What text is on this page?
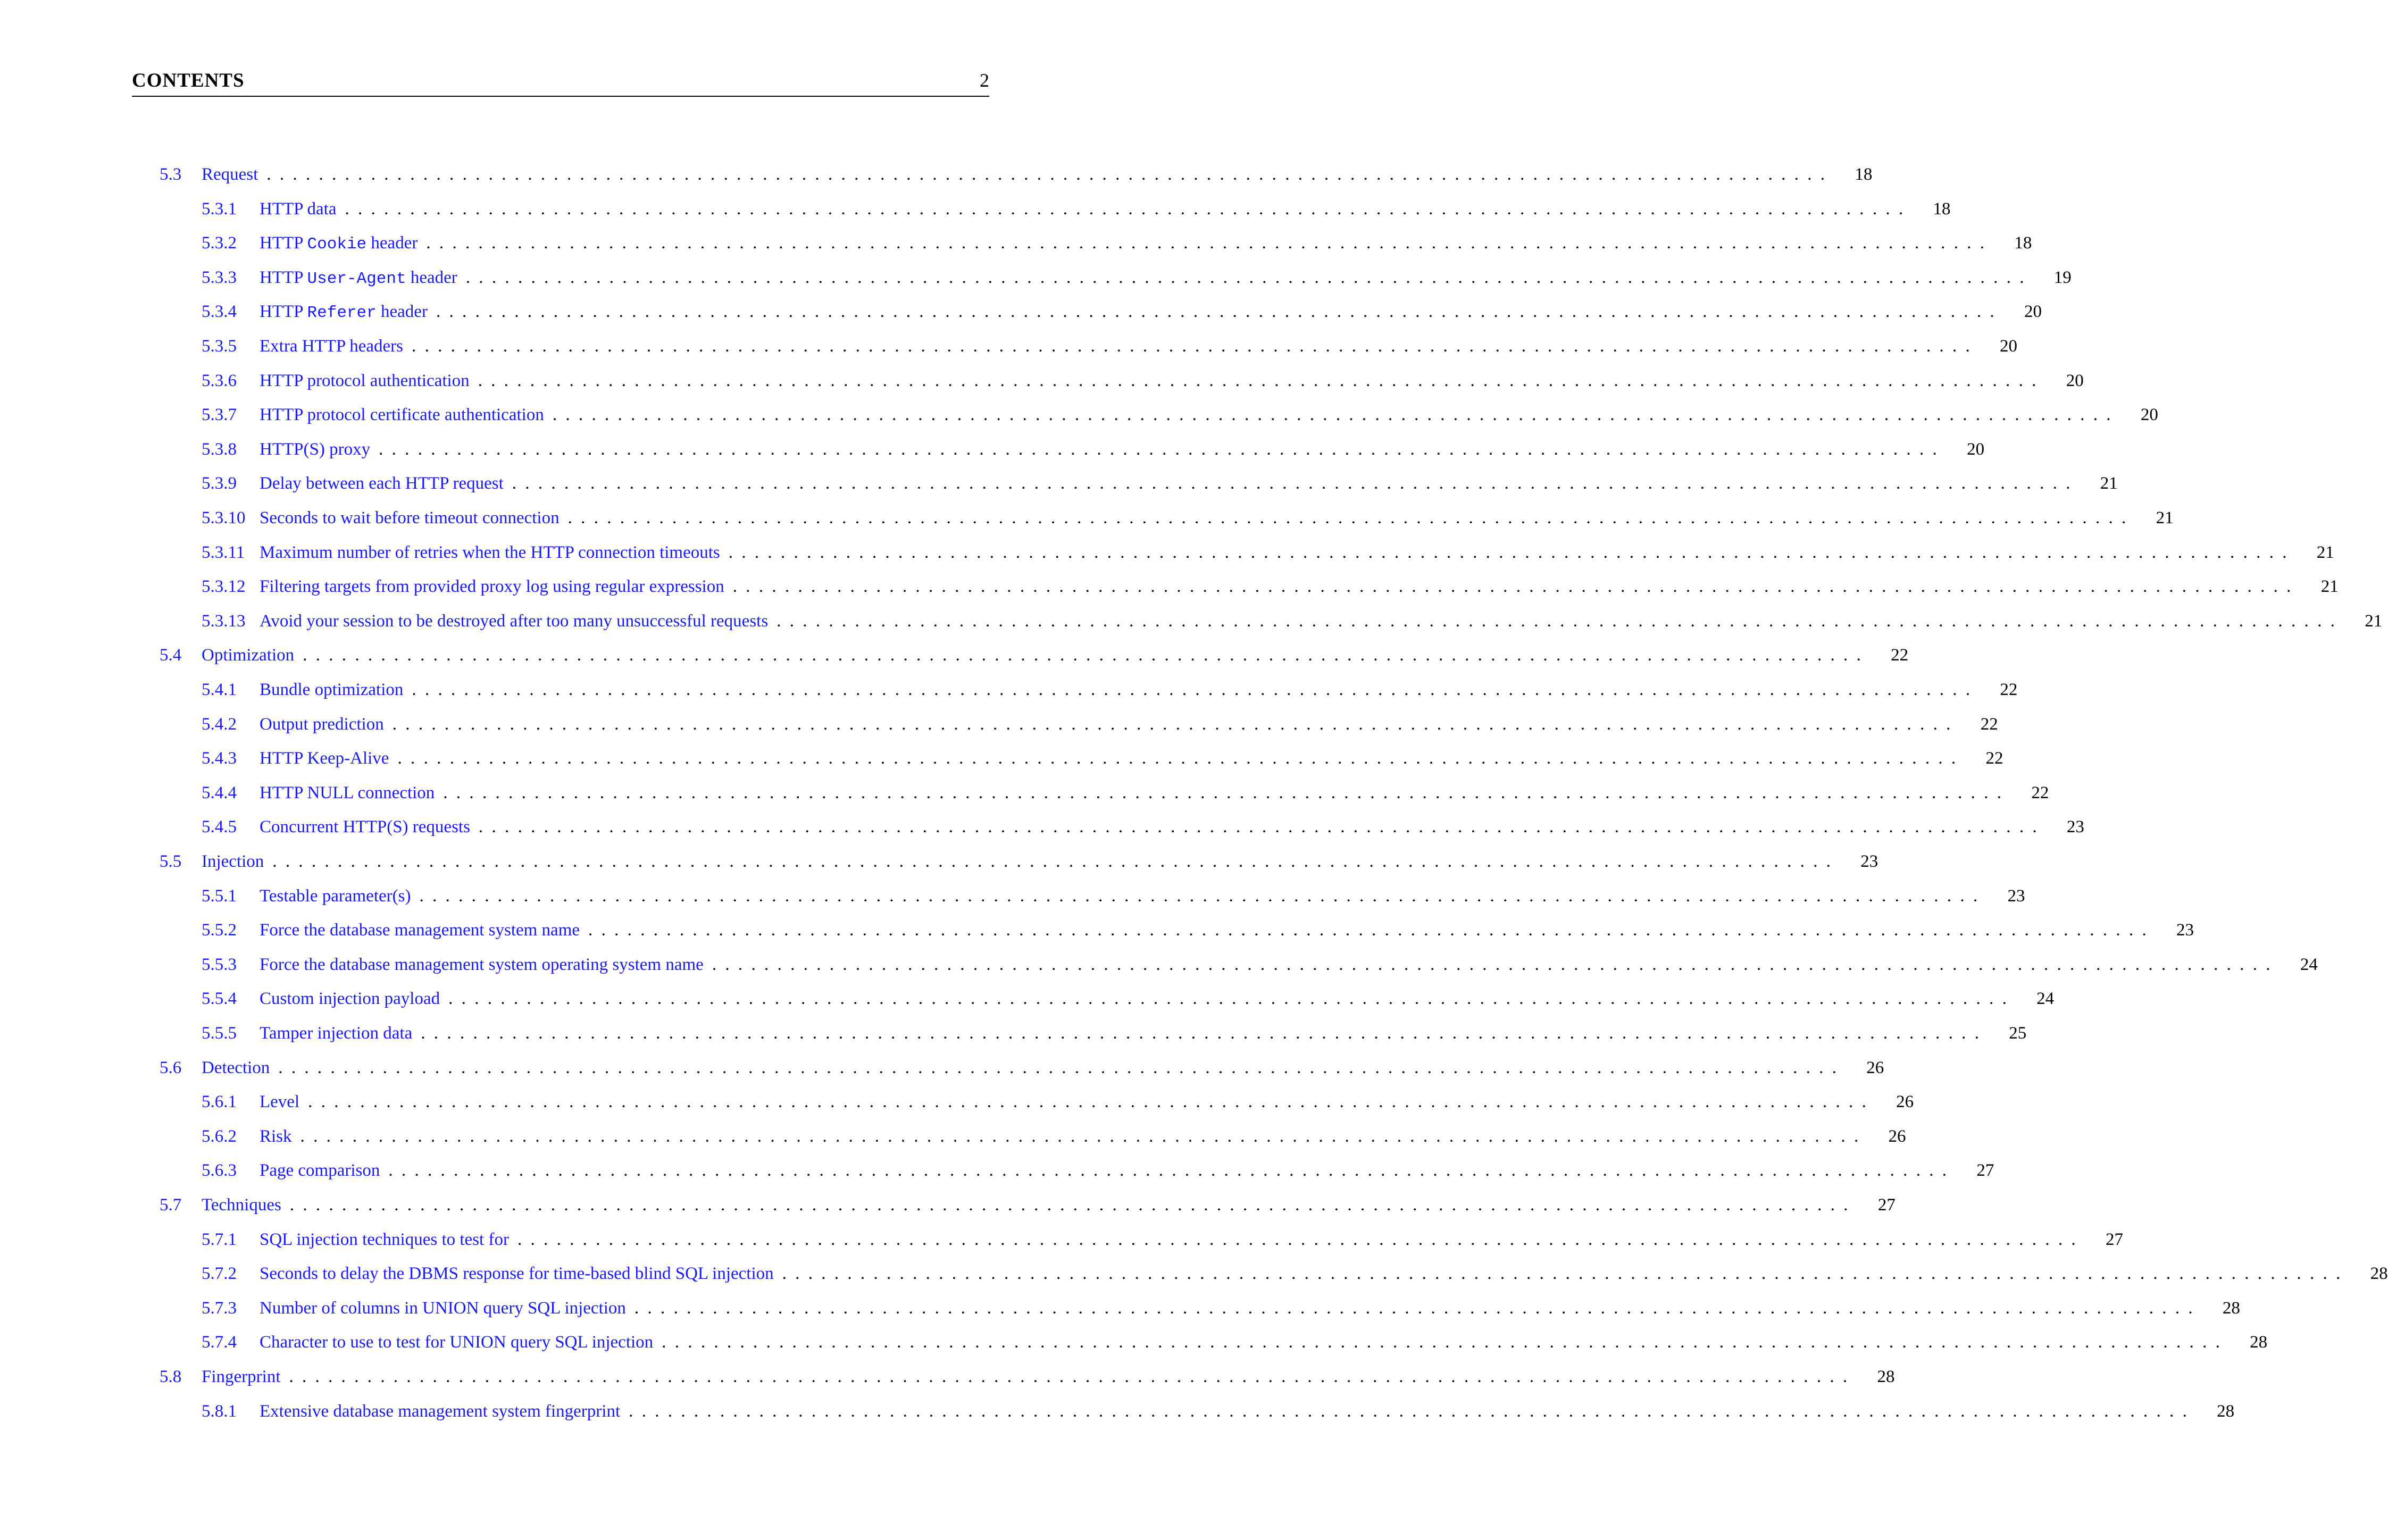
CONTENTS	2
5.3	Request ........................................................................................................................ 18
5.3.1	HTTP data ........................................................................................................................ 18
5.3.2	HTTP Cookie header ........................................................................................................................ 18
5.3.3	HTTP User-Agent header ........................................................................................................................ 19
5.3.4	HTTP Referer header ........................................................................................................................ 20
5.3.5	Extra HTTP headers ........................................................................................................................ 20
5.3.6	HTTP protocol authentication ........................................................................................................................ 20
5.3.7	HTTP protocol certificate authentication ........................................................................................................................ 20
5.3.8	HTTP(S) proxy ........................................................................................................................ 20
5.3.9	Delay between each HTTP request ........................................................................................................................ 21
5.3.10 Seconds to wait before timeout connection ........................................................................................................................ 21
5.3.11 Maximum number of retries when the HTTP connection timeouts ........................................................................................................................ 21
5.3.12 Filtering targets from provided proxy log using regular expression ........................................................................................................................ 21
5.3.13 Avoid your session to be destroyed after too many unsuccessful requests ........................................................................................................................ 21
5.4	Optimization ........................................................................................................................ 22
5.4.1	Bundle optimization ........................................................................................................................ 22
5.4.2	Output prediction ........................................................................................................................ 22
5.4.3	HTTP Keep-Alive ........................................................................................................................ 22
5.4.4	HTTP NULL connection ........................................................................................................................ 22
5.4.5	Concurrent HTTP(S) requests ........................................................................................................................ 23
5.5	Injection ........................................................................................................................ 23
5.5.1	Testable parameter(s) ........................................................................................................................ 23
5.5.2	Force the database management system name ........................................................................................................................ 23
5.5.3	Force the database management system operating system name ........................................................................................................................ 24
5.5.4	Custom injection payload ........................................................................................................................ 24
5.5.5	Tamper injection data ........................................................................................................................ 25
5.6	Detection ........................................................................................................................ 26
5.6.1	Level ........................................................................................................................ 26
5.6.2	Risk ........................................................................................................................ 26
5.6.3	Page comparison ........................................................................................................................ 27
5.7	Techniques ........................................................................................................................ 27
5.7.1	SQL injection techniques to test for ........................................................................................................................ 27
5.7.2	Seconds to delay the DBMS response for time-based blind SQL injection ........................................................................................................................ 28
5.7.3	Number of columns in UNION query SQL injection ........................................................................................................................ 28
5.7.4	Character to use to test for UNION query SQL injection ........................................................................................................................ 28
5.8	Fingerprint ........................................................................................................................ 28
5.8.1	Extensive database management system fingerprint ........................................................................................................................ 28
